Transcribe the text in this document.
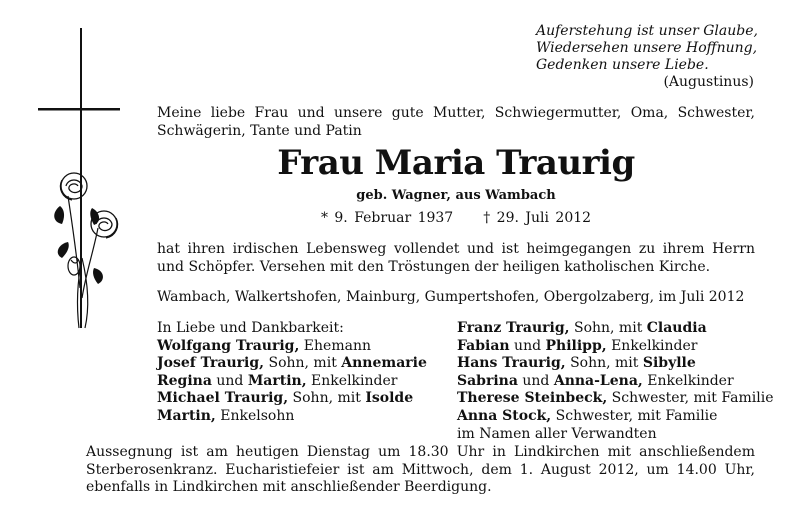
Auferstehung ist unser Glaube,
Wiedersehen unsere Hoffnung,
Gedenken unsere Liebe.
(Augustinus)
Meine liebe Frau und unsere gute Mutter, Schwiegermutter, Oma, Schwester, Schwägerin, Tante und Patin
Frau Maria Traurig
geb. Wagner, aus Wambach
* 9. Februar 1937 † 29. Juli 2012
hat ihren irdischen Lebensweg vollendet und ist heimgegangen zu ihrem Herrn und Schöpfer. Versehen mit den Tröstungen der heiligen katholischen Kirche.
Wambach, Walkertshofen, Mainburg, Gumpertshofen, Obergolzaberg, im Juli 2012
In Liebe und Dankbarkeit:
Wolfgang Traurig, Ehemann
Josef Traurig, Sohn, mit Annemarie
Regina und Martin, Enkelkinder
Michael Traurig, Sohn, mit Isolde
Martin, Enkelsohn
Franz Traurig, Sohn, mit Claudia
Fabian und Philipp, Enkelkinder
Hans Traurig, Sohn, mit Sibylle
Sabrina und Anna-Lena, Enkelkinder
Therese Steinbeck, Schwester, mit Familie
Anna Stock, Schwester, mit Familie
im Namen aller Verwandten
Aussegnung ist am heutigen Dienstag um 18.30 Uhr in Lindkirchen mit anschließendem Sterberosenkranz. Eucharistiefeier ist am Mittwoch, dem 1. August 2012, um 14.00 Uhr, ebenfalls in Lindkirchen mit anschließender Beerdigung.
